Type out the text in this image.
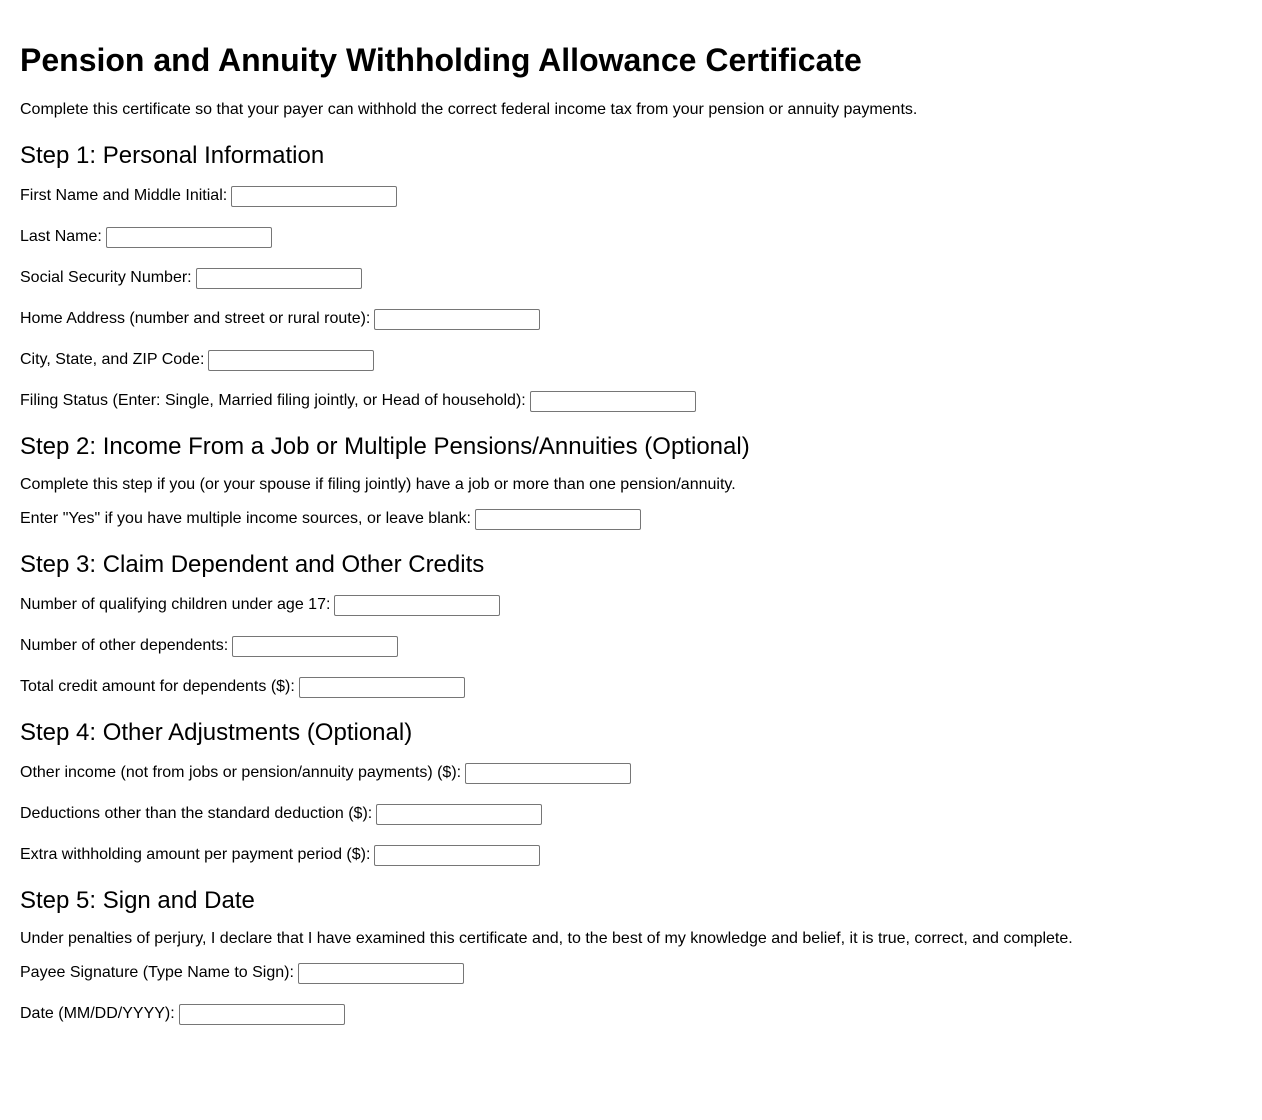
Pension and Annuity Withholding Allowance Certificate

Complete this certificate so that your payer can withhold the correct federal income tax from your pension or annuity payments.

Step 1: Personal Information
First Name and Middle Initial:
Last Name:
Social Security Number:
Home Address (number and street or rural route):
City, State, and ZIP Code:
Filing Status (Enter: Single, Married filing jointly, or Head of household):
Step 2: Income From a Job or Multiple Pensions/Annuities (Optional)

Complete this step if you (or your spouse if filing jointly) have a job or more than one pension/annuity.

Enter "Yes" if you have multiple income sources, or leave blank:
Step 3: Claim Dependent and Other Credits
Number of qualifying children under age 17:
Number of other dependents:
Total credit amount for dependents ($):
Step 4: Other Adjustments (Optional)
Other income (not from jobs or pension/annuity payments) ($):
Deductions other than the standard deduction ($):
Extra withholding amount per payment period ($):
Step 5: Sign and Date

Under penalties of perjury, I declare that I have examined this certificate and, to the best of my knowledge and belief, it is true, correct, and complete.

Payee Signature (Type Name to Sign):
Date (MM/DD/YYYY):
